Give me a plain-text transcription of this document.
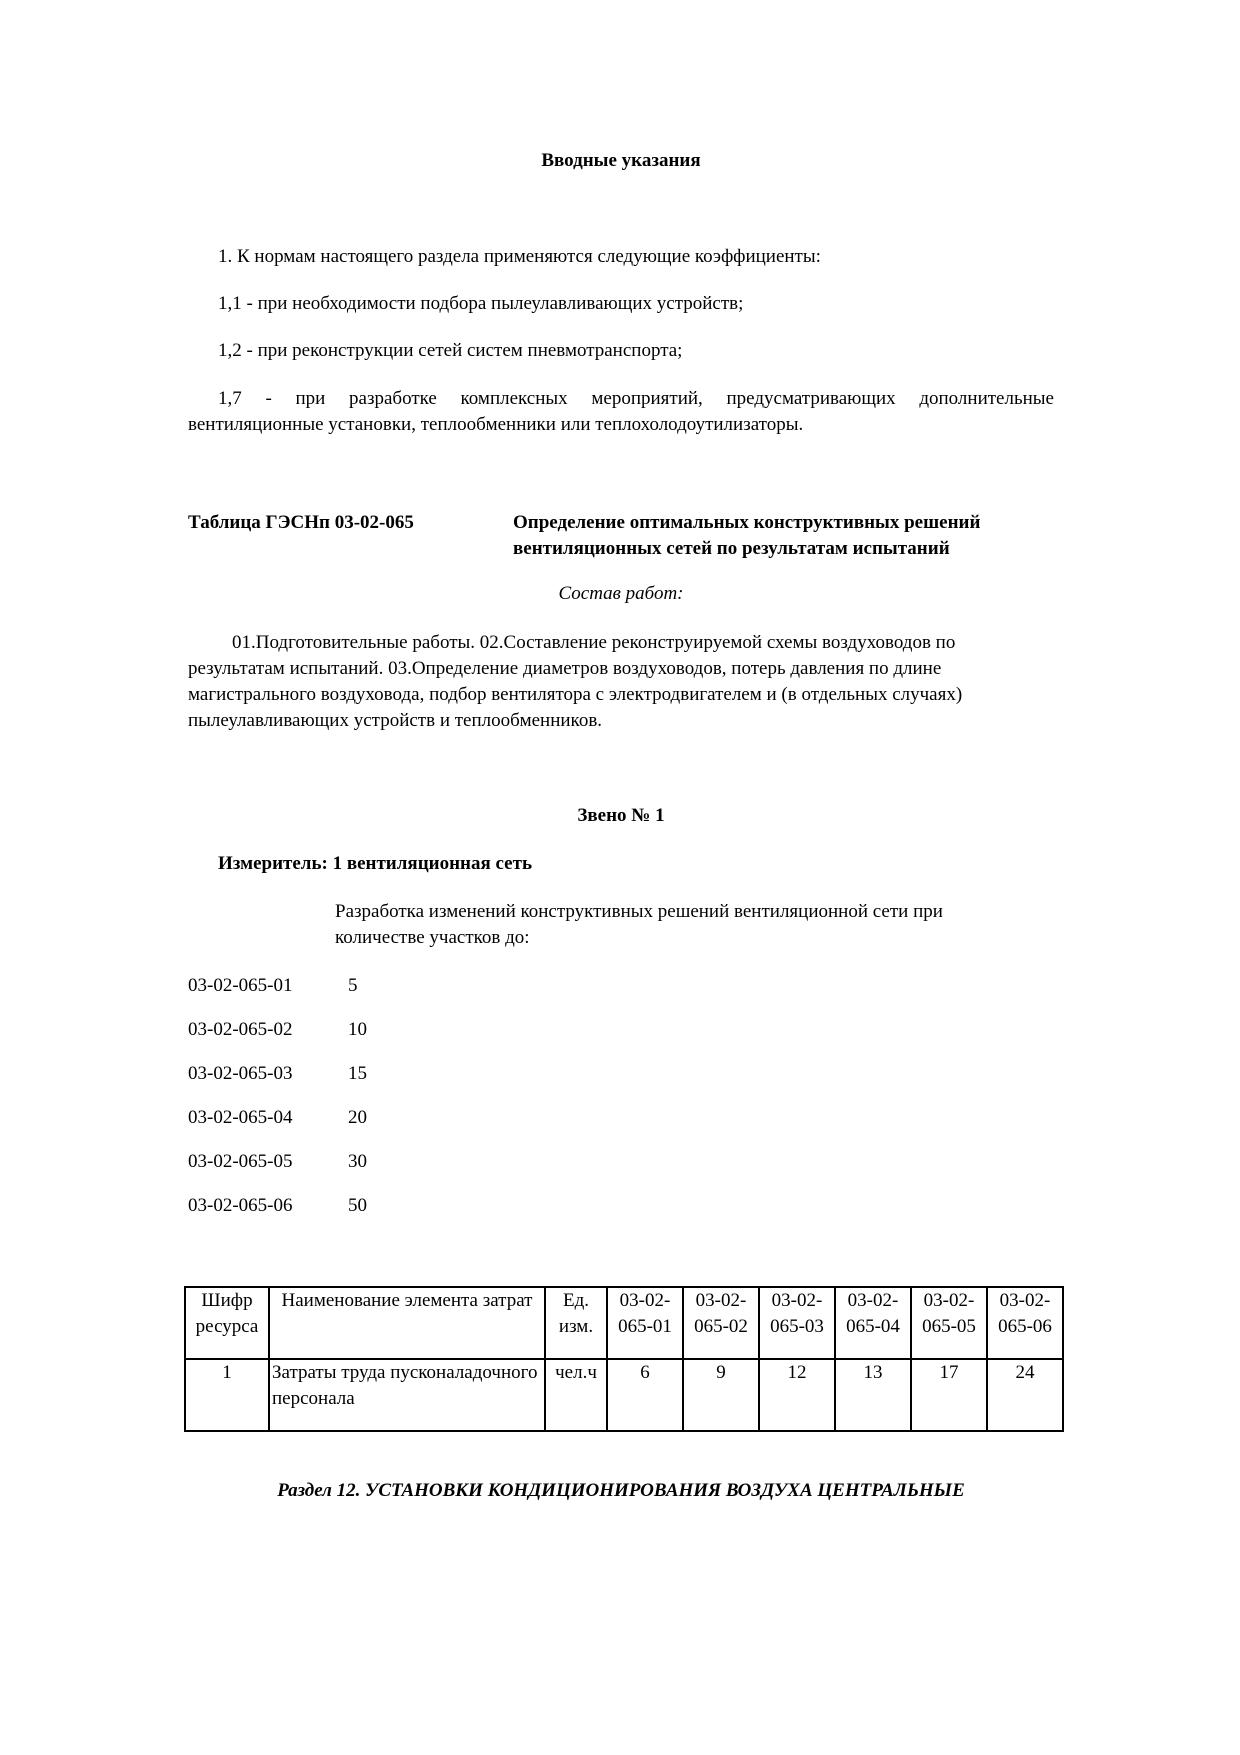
Вводные указания
1. К нормам настоящего раздела применяются следующие коэффициенты:
1,1 - при необходимости подбора пылеулавливающих устройств;
1,2 - при реконструкции сетей систем пневмотранспорта;
1,7 - при разработке комплексных мероприятий, предусматривающих дополнительные вентиляционные установки, теплообменники или теплохолодоутилизаторы.
Таблица ГЭСНп 03-02-065	Определение оптимальных конструктивных решений вентиляционных сетей по результатам испытаний
Состав работ:
01.Подготовительные работы. 02.Составление реконструируемой схемы воздуховодов по результатам испытаний. 03.Определение диаметров воздуховодов, потерь давления по длине магистрального воздуховода, подбор вентилятора с электродвигателем и (в отдельных случаях) пылеулавливающих устройств и теплообменников.
Звено № 1
Измеритель: 1 вентиляционная сеть
Разработка изменений конструктивных решений вентиляционной сети при количестве участков до:
03-02-065-01	5
03-02-065-02	10
03-02-065-03	15
03-02-065-04	20
03-02-065-05	30
03-02-065-06	50
Шифр ресурса	Наименование элемента затрат	Ед. изм.	03-02-065-01	03-02-065-02	03-02-065-03	03-02-065-04	03-02-065-05	03-02-065-06
1	Затраты труда пусконаладочного персонала	чел.ч	6	9	12	13	17	24
Раздел 12. УСТАНОВКИ КОНДИЦИОНИРОВАНИЯ ВОЗДУХА ЦЕНТРАЛЬНЫЕ
